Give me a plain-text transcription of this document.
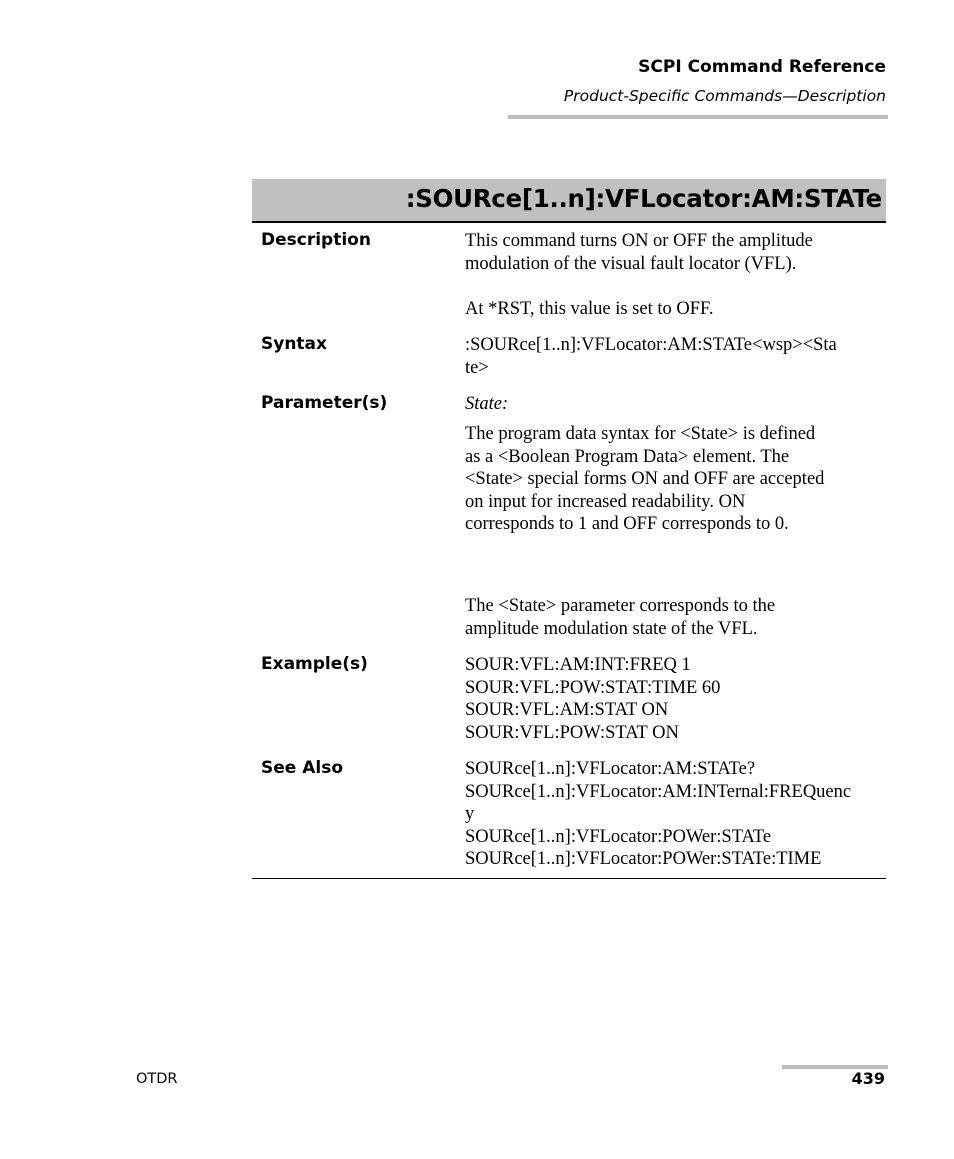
SCPI Command Reference
Product-Specific Commands—Description
:SOURce[1..n]:VFLocator:AM:STATe
Description	This command turns ON or OFF the amplitude
modulation of the visual fault locator (VFL).
At *RST, this value is set to OFF.
Syntax	:SOURce[1..n]:VFLocator:AM:STATe<wsp><Sta
te>
Parameter(s)	State:
The program data syntax for <State> is defined
as a <Boolean Program Data> element. The
<State> special forms ON and OFF are accepted
on input for increased readability. ON
corresponds to 1 and OFF corresponds to 0.
The <State> parameter corresponds to the
amplitude modulation state of the VFL.
Example(s)	SOUR:VFL:AM:INT:FREQ 1
SOUR:VFL:POW:STAT:TIME 60
SOUR:VFL:AM:STAT ON
SOUR:VFL:POW:STAT ON
See Also	SOURce[1..n]:VFLocator:AM:STATe?
SOURce[1..n]:VFLocator:AM:INTernal:FREQuenc
y
SOURce[1..n]:VFLocator:POWer:STATe
SOURce[1..n]:VFLocator:POWer:STATe:TIME
OTDR	439
